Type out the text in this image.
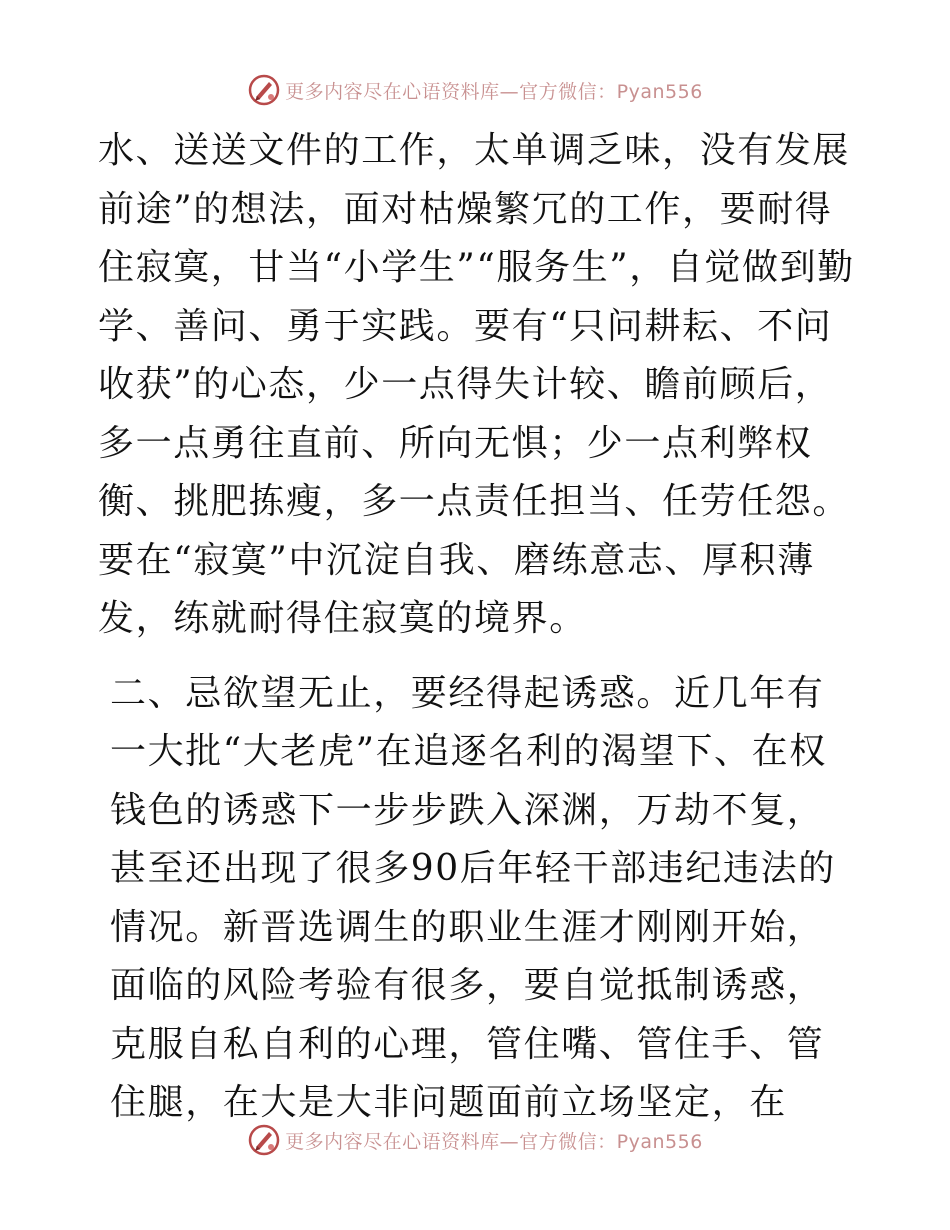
更多内容尽在心语资料库—官方微信：Pyan556

水、送送文件的工作，太单调乏味，没有发展前途”的想法，面对枯燥繁冗的工作，要耐得住寂寞，甘当“小学生”“服务生”，自觉做到勤学、善问、勇于实践。要有“只问耕耘、不问收获”的心态，少一点得失计较、瞻前顾后，多一点勇往直前、所向无惧；少一点利弊权衡、挑肥拣瘦，多一点责任担当、任劳任怨。要在“寂寞”中沉淀自我、磨练意志、厚积薄发，练就耐得住寂寞的境界。

二、忌欲望无止，要经得起诱惑。近几年有一大批“大老虎”在追逐名利的渴望下、在权钱色的诱惑下一步步跌入深渊，万劫不复，甚至还出现了很多90后年轻干部违纪违法的情况。新晋选调生的职业生涯才刚刚开始，面临的风险考验有很多，要自觉抵制诱惑，克服自私自利的心理，管住嘴、管住手、管住腿，在大是大非问题面前立场坚定，在

更多内容尽在心语资料库—官方微信：Pyan556
